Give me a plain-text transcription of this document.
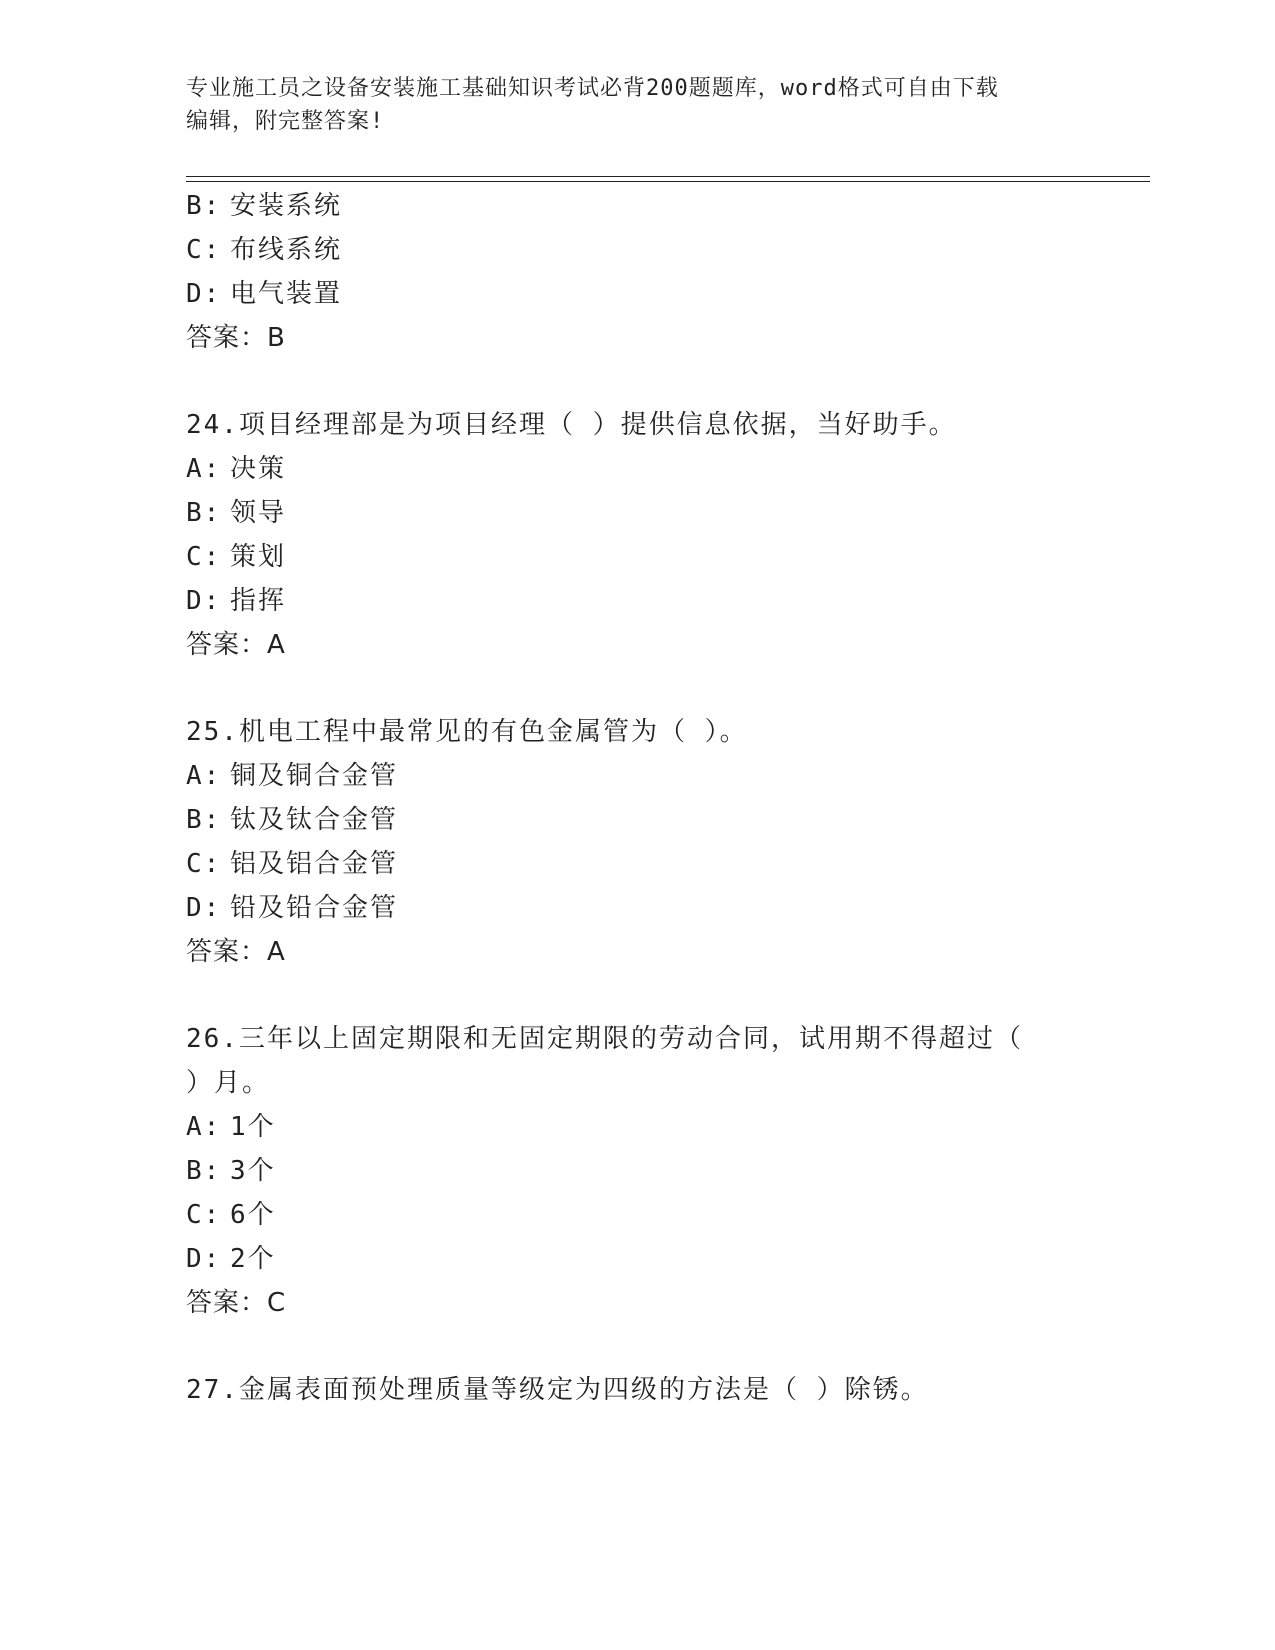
专业施工员之设备安装施工基础知识考试必背200题题库，word格式可自由下载
编辑，附完整答案!
B: 安装系统
C: 布线系统
D: 电气装置
答案：B
24.项目经理部是为项目经理（ ）提供信息依据，当好助手。
A: 决策
B: 领导
C: 策划
D: 指挥
答案：A
25.机电工程中最常见的有色金属管为（ ）。
A: 铜及铜合金管
B: 钛及钛合金管
C: 铝及铝合金管
D: 铅及铅合金管
答案：A
26.三年以上固定期限和无固定期限的劳动合同，试用期不得超过（
）月。
A: 1个
B: 3个
C: 6个
D: 2个
答案：C
27.金属表面预处理质量等级定为四级的方法是（ ）除锈。
